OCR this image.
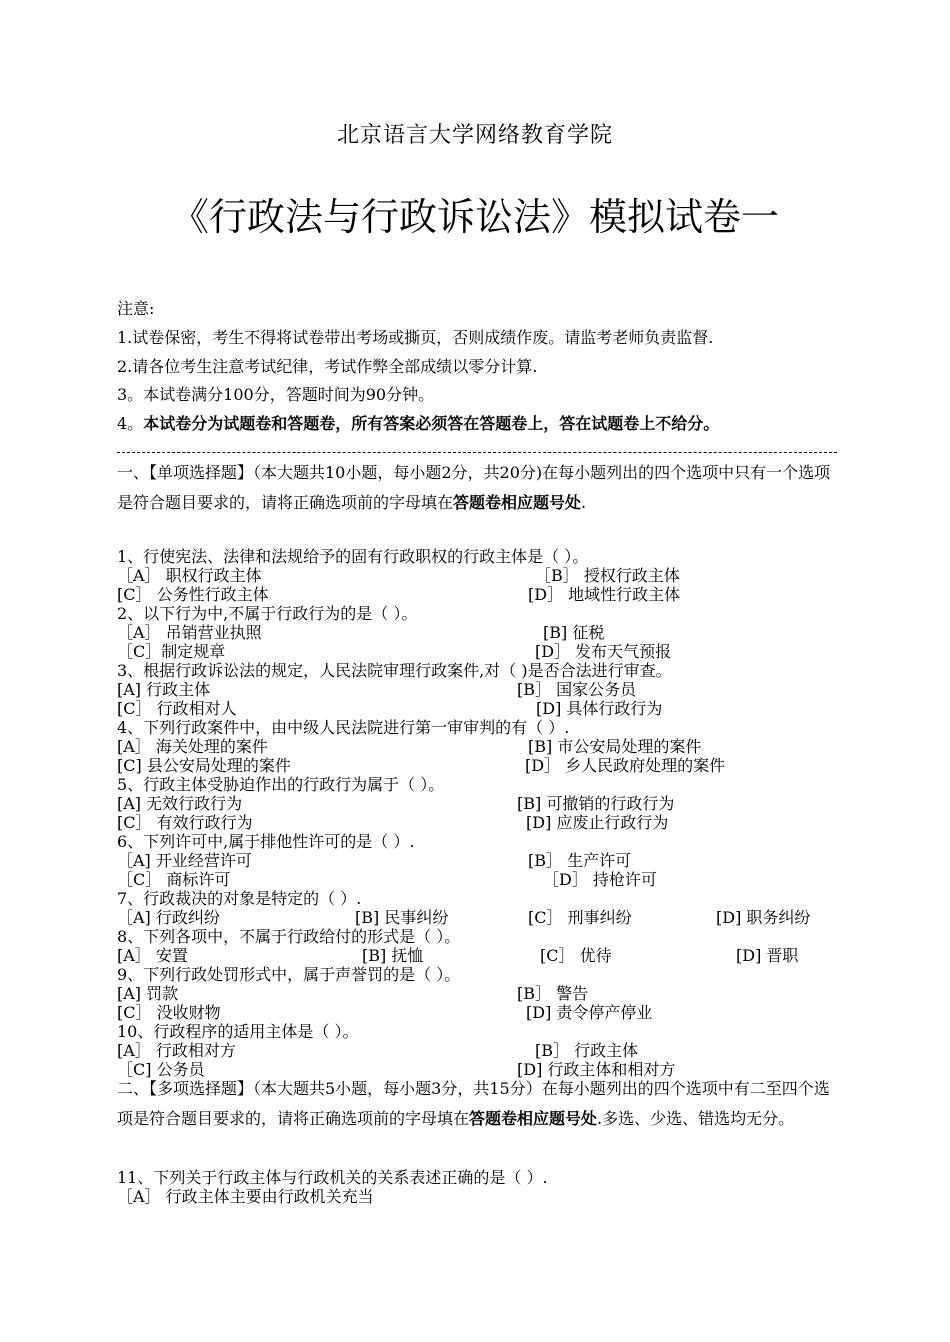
北京语言大学网络教育学院
《行政法与行政诉讼法》模拟试卷一
注意:
1.试卷保密，考生不得将试卷带出考场或撕页，否则成绩作废。请监考老师负责监督.
2.请各位考生注意考试纪律，考试作弊全部成绩以零分计算.
3。本试卷满分100分，答题时间为90分钟。
4。本试卷分为试题卷和答题卷，所有答案必须答在答题卷上，答在试题卷上不给分。
一、【单项选择题】（本大题共10小题，每小题2分，共20分)在每小题列出的四个选项中只有一个选项是符合题目要求的，请将正确选项前的字母填在答题卷相应题号处.
1、行使宪法、法律和法规给予的固有行政职权的行政主体是（ ）。
［A］ 职权行政主体	［B］ 授权行政主体
[C］ 公务性行政主体	[D］ 地域性行政主体
2、以下行为中,不属于行政行为的是（ ）。
［A］ 吊销营业执照	[B] 征税
［C］制定规章	[D］ 发布天气预报
3、根据行政诉讼法的规定，人民法院审理行政案件,对（ )是否合法进行审查。
[A] 行政主体	[B］ 国家公务员
[C］ 行政相对人	[D] 具体行政行为
4、下列行政案件中，由中级人民法院进行第一审审判的有（ ）.
[A］ 海关处理的案件	[B] 市公安局处理的案件
[C] 县公安局处理的案件	[D］ 乡人民政府处理的案件
5、行政主体受胁迫作出的行政行为属于（ ）。
[A] 无效行政行为	[B] 可撤销的行政行为
[C］ 有效行政行为	[D] 应废止行政行为
6、下列许可中,属于排他性许可的是（ ）.
［A] 开业经营许可	[B］ 生产许可
［C］ 商标许可	［D］ 持枪许可
7、行政裁决的对象是特定的（ ）.
［A] 行政纠纷	[B] 民事纠纷	[C］ 刑事纠纷	[D] 职务纠纷
8、下列各项中，不属于行政给付的形式是（ ）。
[A］ 安置	[B] 抚恤	[C］ 优待	[D] 晋职
9、下列行政处罚形式中，属于声誉罚的是（ ）。
[A] 罚款	[B］ 警告
[C］ 没收财物	[D] 责令停产停业
10、行政程序的适用主体是（ ）。
[A］ 行政相对方	[B］ 行政主体
［C] 公务员	[D] 行政主体和相对方
二、【多项选择题】（本大题共5小题，每小题3分，共15分）在每小题列出的四个选项中有二至四个选项是符合题目要求的，请将正确选项前的字母填在答题卷相应题号处.多选、少选、错选均无分。
11、下列关于行政主体与行政机关的关系表述正确的是（ ）.
［A］ 行政主体主要由行政机关充当
